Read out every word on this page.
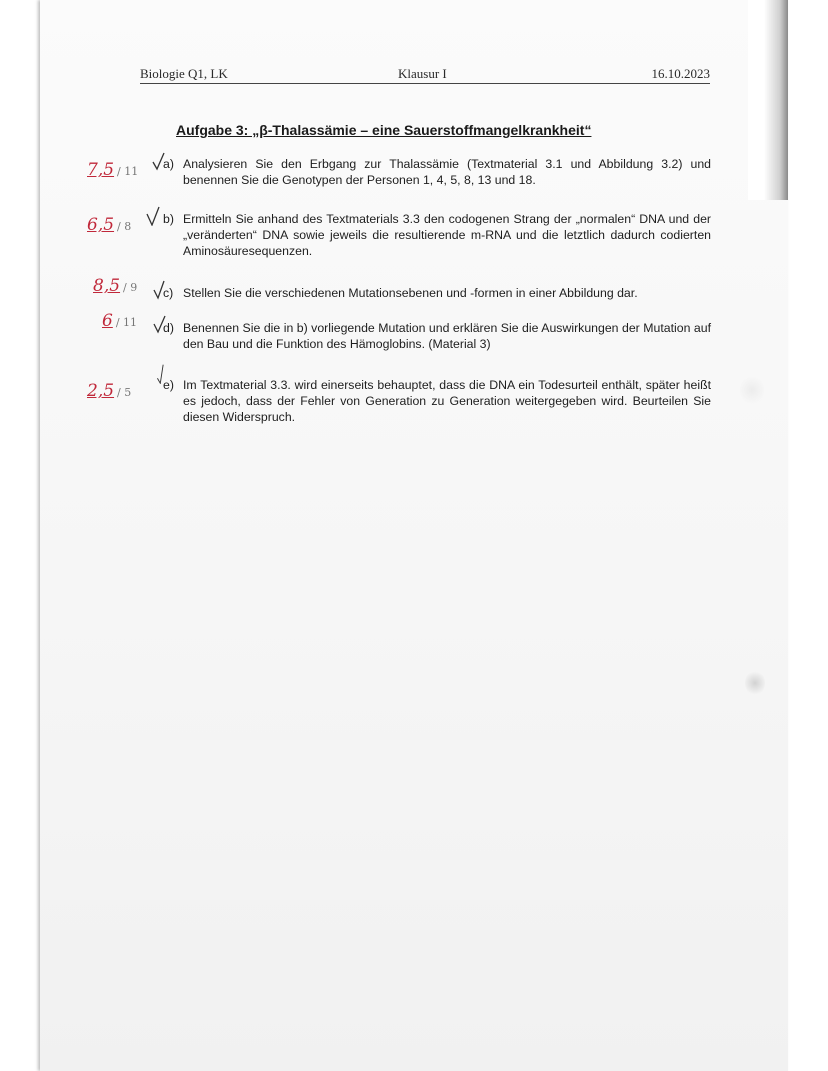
Biologie Q1, LK	Klausur I	16.10.2023
Aufgabe 3: „β-Thalassämie – eine Sauerstoffmangelkrankheit“
7,5 / 11
a) Analysieren Sie den Erbgang zur Thalassämie (Textmaterial 3.1 und Abbildung 3.2) und benennen Sie die Genotypen der Personen 1, 4, 5, 8, 13 und 18.
6,5 / 8
b) Ermitteln Sie anhand des Textmaterials 3.3 den codogenen Strang der „normalen“ DNA und der „veränderten“ DNA sowie jeweils die resultierende m-RNA und die letztlich dadurch codierten Aminosäuresequenzen.
8,5 / 9 c) Stellen Sie die verschiedenen Mutationsebenen und -formen in einer Abbildung dar.
6 / 11 d) Benennen Sie die in b) vorliegende Mutation und erklären Sie die Auswirkungen der Mutation auf den Bau und die Funktion des Hämoglobins. (Material 3)
2,5 / 5
e) Im Textmaterial 3.3. wird einerseits behauptet, dass die DNA ein Todesurteil enthält, später heißt es jedoch, dass der Fehler von Generation zu Generation weitergegeben wird. Beurteilen Sie diesen Widerspruch.
